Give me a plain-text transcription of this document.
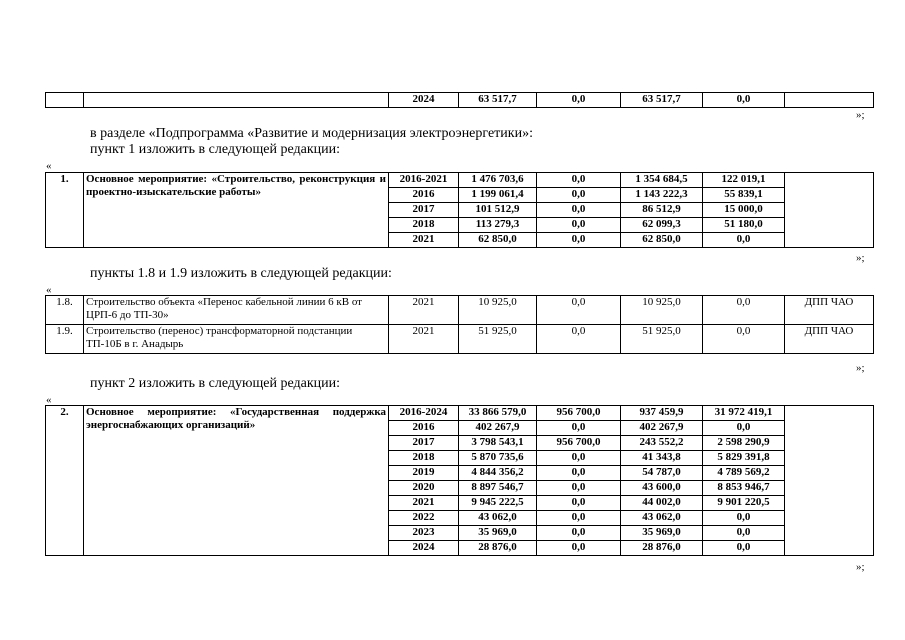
		2024	63 517,7	0,0	63 517,7	0,0	
»;
в разделе «Подпрограмма «Развитие и модернизация электроэнергетики»:
пункт 1 изложить в следующей редакции:
«
1.	Основное мероприятие: «Строительство, реконструкция и проектно-изыскательские работы»	2016-2021	1 476 703,6	0,0	1 354 684,5	122 019,1	
		2016	1 199 061,4	0,0	1 143 222,3	55 839,1	
		2017	101 512,9	0,0	86 512,9	15 000,0	
		2018	113 279,3	0,0	62 099,3	51 180,0	
		2021	62 850,0	0,0	62 850,0	0,0	
»;
пункты 1.8 и 1.9 изложить в следующей редакции:
«
1.8.	Строительство объекта «Перенос кабельной линии 6 кВ от ЦРП-6 до ТП-30»	2021	10 925,0	0,0	10 925,0	0,0	ДПП ЧАО
1.9.	Строительство (перенос) трансформаторной подстанции ТП-10Б в г. Анадырь	2021	51 925,0	0,0	51 925,0	0,0	ДПП ЧАО
»;
пункт 2 изложить в следующей редакции:
«
2.	Основное мероприятие: «Государственная поддержка энергоснабжающих организаций»	2016-2024	33 866 579,0	956 700,0	937 459,9	31 972 419,1	
		2016	402 267,9	0,0	402 267,9	0,0	
		2017	3 798 543,1	956 700,0	243 552,2	2 598 290,9	
		2018	5 870 735,6	0,0	41 343,8	5 829 391,8	
		2019	4 844 356,2	0,0	54 787,0	4 789 569,2	
		2020	8 897 546,7	0,0	43 600,0	8 853 946,7	
		2021	9 945 222,5	0,0	44 002,0	9 901 220,5	
		2022	43 062,0	0,0	43 062,0	0,0	
		2023	35 969,0	0,0	35 969,0	0,0	
		2024	28 876,0	0,0	28 876,0	0,0	
»;
